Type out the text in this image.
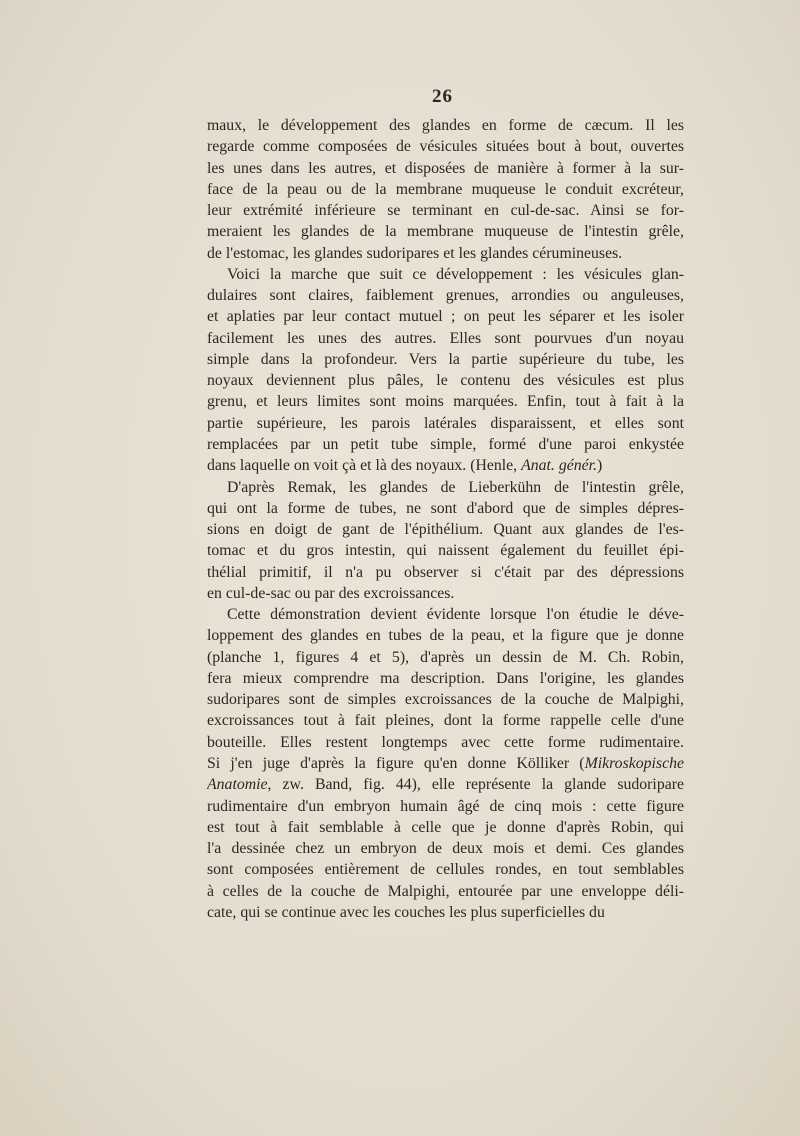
26

maux, le développement des glandes en forme de cæcum. Il les
regarde comme composées de vésicules situées bout à bout, ouvertes
les unes dans les autres, et disposées de manière à former à la sur-
face de la peau ou de la membrane muqueuse le conduit excréteur,
leur extrémité inférieure se terminant en cul-de-sac. Ainsi se for-
meraient les glandes de la membrane muqueuse de l'intestin grêle,
de l'estomac, les glandes sudoripares et les glandes cérumineuses.

Voici la marche que suit ce développement : les vésicules glan-
dulaires sont claires, faiblement grenues, arrondies ou anguleuses,
et aplaties par leur contact mutuel ; on peut les séparer et les isoler
facilement les unes des autres. Elles sont pourvues d'un noyau
simple dans la profondeur. Vers la partie supérieure du tube, les
noyaux deviennent plus pâles, le contenu des vésicules est plus
grenu, et leurs limites sont moins marquées. Enfin, tout à fait à la
partie supérieure, les parois latérales disparaissent, et elles sont
remplacées par un petit tube simple, formé d'une paroi enkystée
dans laquelle on voit çà et là des noyaux. (Henle, Anat. génér.)

D'après Remak, les glandes de Lieberkühn de l'intestin grêle,
qui ont la forme de tubes, ne sont d'abord que de simples dépres-
sions en doigt de gant de l'épithélium. Quant aux glandes de l'es-
tomac et du gros intestin, qui naissent également du feuillet épi-
thélial primitif, il n'a pu observer si c'était par des dépressions
en cul-de-sac ou par des excroissances.

Cette démonstration devient évidente lorsque l'on étudie le déve-
loppement des glandes en tubes de la peau, et la figure que je donne
(planche 1, figures 4 et 5), d'après un dessin de M. Ch. Robin,
fera mieux comprendre ma description. Dans l'origine, les glandes
sudoripares sont de simples excroissances de la couche de Malpighi,
excroissances tout à fait pleines, dont la forme rappelle celle d'une
bouteille. Elles restent longtemps avec cette forme rudimentaire.
Si j'en juge d'après la figure qu'en donne Kölliker (Mikroskopische
Anatomie, zw. Band, fig. 44), elle représente la glande sudoripare
rudimentaire d'un embryon humain âgé de cinq mois : cette figure
est tout à fait semblable à celle que je donne d'après Robin, qui
l'a dessinée chez un embryon de deux mois et demi. Ces glandes
sont composées entièrement de cellules rondes, en tout semblables
à celles de la couche de Malpighi, entourée par une enveloppe déli-
cate, qui se continue avec les couches les plus superficielles du
